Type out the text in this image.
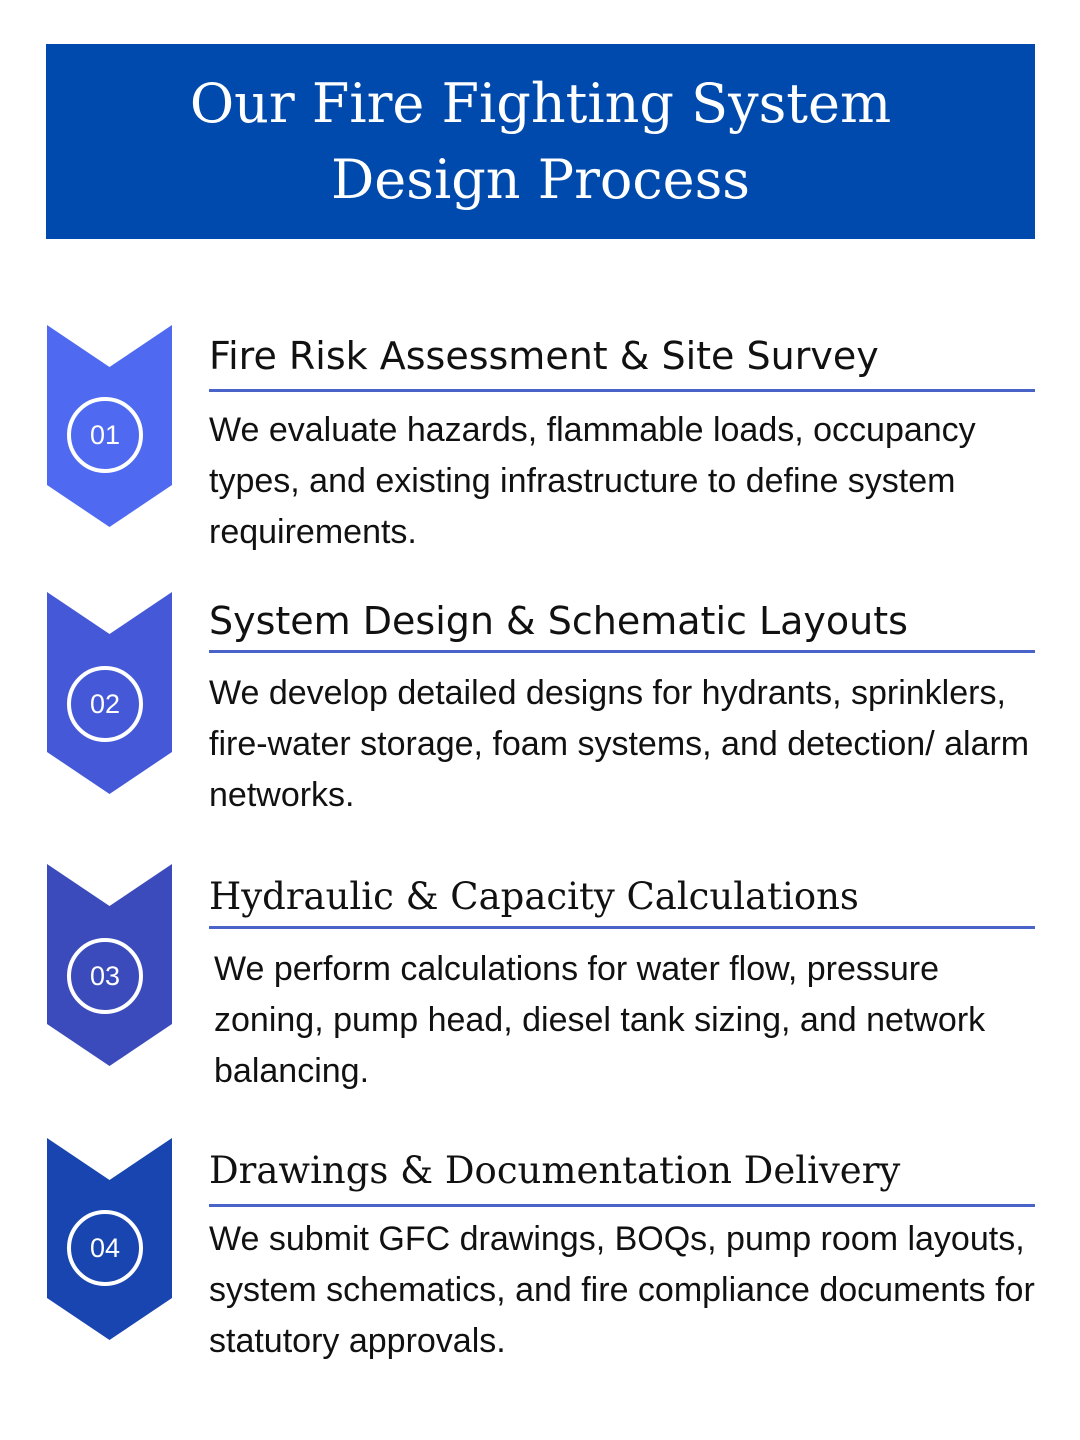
Our Fire Fighting System
Design Process
01
Fire Risk Assessment & Site Survey
We evaluate hazards, flammable loads, occupancy types, and existing infrastructure to define system requirements.
02
System Design & Schematic Layouts
We develop detailed designs for hydrants, sprinklers, fire-water storage, foam systems, and detection/ alarm networks.
03
Hydraulic & Capacity Calculations
We perform calculations for water flow, pressure zoning, pump head, diesel tank sizing, and network balancing.
04
Drawings & Documentation Delivery
We submit GFC drawings, BOQs, pump room layouts, system schematics, and fire compliance documents for statutory approvals.
